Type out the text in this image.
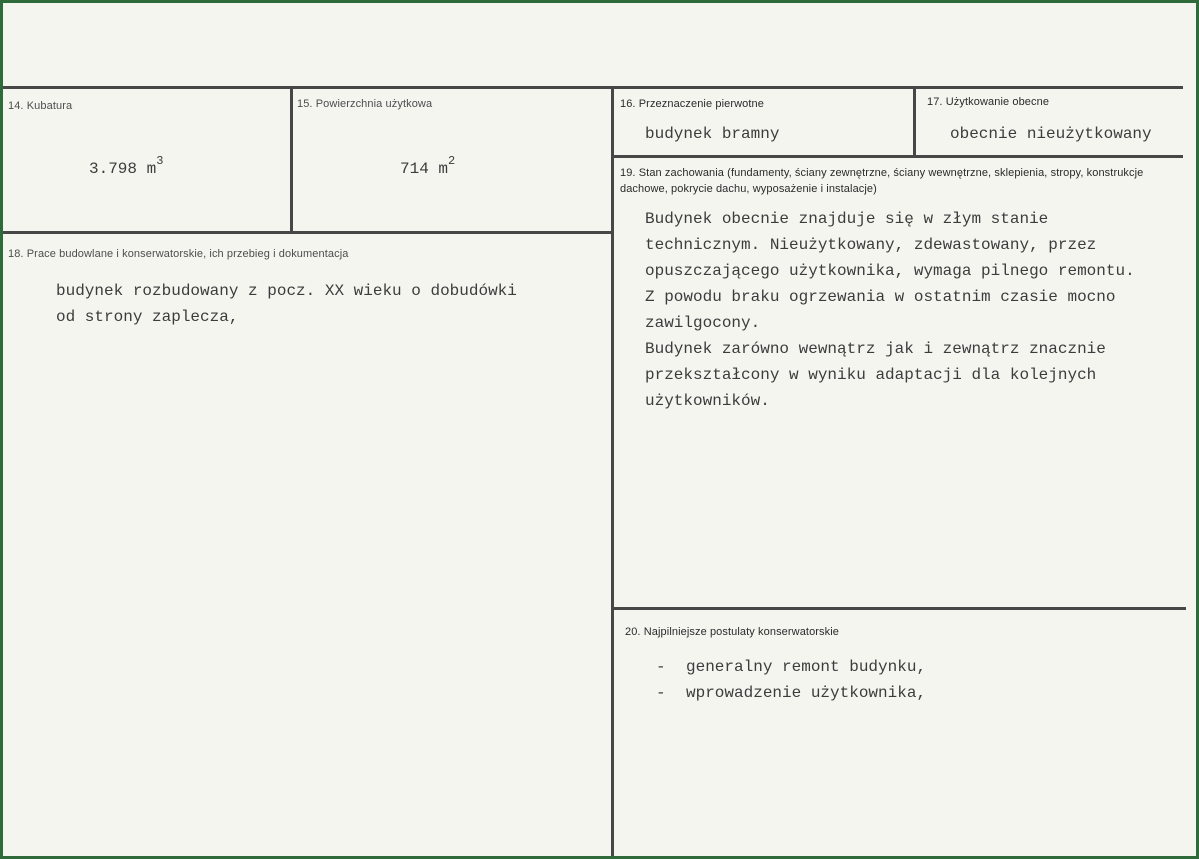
14. Kubatura
3.798 $m^3$
15. Powierzchnia użytkowa
714 $m^2$
16. Przeznaczenie pierwotne
budynek bramny
17. Użytkowanie obecne
obecnie nieużytkowany
18. Prace budowlane i konserwatorskie, ich przebieg i dokumentacja
budynek rozbudowany z pocz. XX wieku o dobudówki
od strony zaplecza,
19. Stan zachowania (fundamenty, ściany zewnętrzne, ściany wewnętrzne, sklepienia, stropy, konstrukcje dachowe, pokrycie dachu, wyposażenie i instalacje)
Budynek obecnie znajduje się w złym stanie
technicznym. Nieużytkowany, zdewastowany, przez
opuszczającego użytkownika, wymaga pilnego remontu.
Z powodu braku ogrzewania w ostatnim czasie mocno
zawilgocony.
Budynek zarówno wewnątrz jak i zewnątrz znacznie
przekształcony w wyniku adaptacji dla kolejnych
użytkowników.
20. Najpilniejsze postulaty konserwatorskie
- generalny remont budynku,
- wprowadzenie użytkownika,
